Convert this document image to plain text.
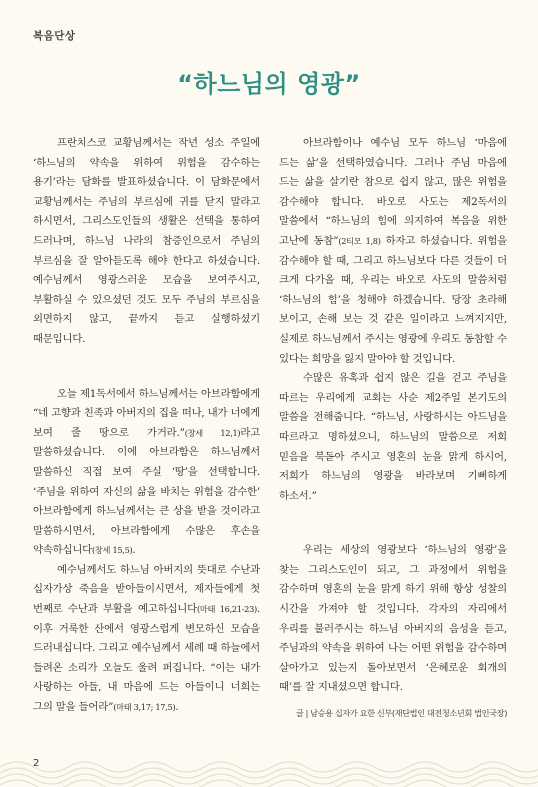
복음단상
“하느님의 영광”

프란치스코 교황님께서는 작년 성소 주일에 ‘하느님의 약속을 위하여 위험을 감수하는 용기’라는 담화를 발표하셨습니다. 이 담화문에서 교황님께서는 주님의 부르심에 귀를 닫지 말라고 하시면서, 그리스도인들의 생활은 선택을 통하여 드러나며, 하느님 나라의 참증인으로서 주님의 부르심을 잘 알아듣도록 해야 한다고 하셨습니다. 예수님께서 영광스러운 모습을 보여주시고, 부활하실 수 있으셨던 것도 모두 주님의 부르심을 외면하지 않고, 끝까지 듣고 실행하셨기 때문입니다.

오늘 제1독서에서 하느님께서는 아브라함에게 “네 고향과 친족과 아버지의 집을 떠나, 내가 너에게 보여 줄 땅으로 가거라.”(창세 12,1)라고 말씀하셨습니다. 이에 아브라함은 하느님께서 말씀하신 직접 보여 주실 ‘땅’을 선택합니다. ‘주님을 위하여 자신의 삶을 바치는 위험을 감수한’ 아브라함에게 하느님께서는 큰 상을 받을 것이라고 말씀하시면서, 아브라함에게 수많은 후손을 약속하십니다(창세 15,5).

예수님께서도 하느님 아버지의 뜻대로 수난과 십자가상 죽음을 받아들이시면서, 제자들에게 첫 번째로 수난과 부활을 예고하십니다(마태 16,21-23). 이후 거룩한 산에서 영광스럽게 변모하신 모습을 드러내십니다. 그리고 예수님께서 세례 때 하늘에서 들려온 소리가 오늘도 울려 퍼집니다. “이는 내가 사랑하는 아들, 내 마음에 드는 아들이니 너희는 그의 말을 들어라”(마태 3,17; 17,5).

아브라함이나 예수님 모두 하느님 ‘마음에 드는 삶’을 선택하였습니다. 그러나 주님 마음에 드는 삶을 살기란 참으로 쉽지 않고, 많은 위험을 감수해야 합니다. 바오로 사도는 제2독서의 말씀에서 “하느님의 힘에 의지하여 복음을 위한 고난에 동참”(2티모 1,8) 하자고 하셨습니다. 위험을 감수해야 할 때, 그리고 하느님보다 다른 것들이 더 크게 다가올 때, 우리는 바오로 사도의 말씀처럼 ‘하느님의 힘’을 청해야 하겠습니다. 당장 초라해 보이고, 손해 보는 것 같은 일이라고 느껴지지만, 실제로 하느님께서 주시는 영광에 우리도 동참할 수 있다는 희망을 잃지 말아야 할 것입니다.

수많은 유혹과 쉽지 않은 길을 걷고 주님을 따르는 우리에게 교회는 사순 제2주일 본기도의 말씀을 전해줍니다. “하느님, 사랑하시는 아드님을 따르라고 명하셨으니, 하느님의 말씀으로 저희 믿음을 북돋아 주시고 영혼의 눈을 맑게 하시어, 저희가 하느님의 영광을 바라보며 기뻐하게 하소서.”

우리는 세상의 영광보다 ‘하느님의 영광’을 찾는 그리스도인이 되고, 그 과정에서 위험을 감수하며 영혼의 눈을 맑게 하기 위해 항상 성찰의 시간을 가져야 할 것입니다. 각자의 자리에서 우리를 불러주시는 하느님 아버지의 음성을 듣고, 주님과의 약속을 위하여 나는 어떤 위험을 감수하며 살아가고 있는지 돌아보면서 ‘은혜로운 회개의 때’를 잘 지내셨으면 합니다.

글 | 남승용 십자가 요한 신부(재단법인 대전청소년회 법인국장)
2
